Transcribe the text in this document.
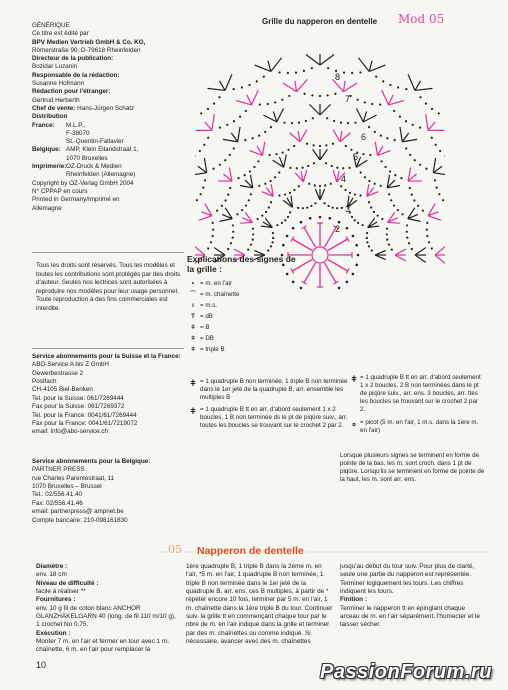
GÉNÉRIQUE
Ce titre est édité par
BPV Medien Vertrieb GmbH & Co. KG,
Römerstraße 90, D-79618 Rheinfelden
Directeur de la publication:
Bozidar Luzanin
Responsable de la rédaction:
Susanne Hofmann
Rédaction pour l'étranger:
Gertrud Herberth
Chef de vente: Hans-Jürgen Schatz
Distribution
France:	M.L.P.,
F-38070
St.-Quentin-Fallavier
Belgique: AMP, Klein Eilandstraat 1,
1070 Bruxelles
Imprimerie: OZ-Druck & Medien
Rheinfelden (Allemagne)
Copyright by OZ-Verlag GmbH 2004
N° CPPAP en cours
Printed in Germany/Imprimé en
Allemagne
Tous les droits sont réservés. Tous les modèles et toutes les contributions sont protégés par des droits d'auteur. Seules nos lectrices sont autorisées à reproduire nos modèles pour leur usage personnel. Toute reproduction à des fins commerciales est interdite.
Service abonnements pour la Suisse et la France:
ABO-Service A bis Z GmbH
Gewerbestrasse 2
Postfach
CH-4105 Biel-Benken
Tel. pour la Suisse: 061/7269444
Fax pour la Suisse: 061/7269372
Tel. pour la France: 0041/61/7269444
Fax pour la France: 0041/61/7219072
email: info@abo-service.ch
Service abonnements pour la Belgique:
PARTNER PRESS
rue Charles Parentestraat, 11
1070 Bruxelles – Brussel
Tel.: 02/556.41.40
Fax: 02/556.41.46
email: partnerpress@ ampnet.be
Compte bancaire: 210-098161830
Grille du napperon en dentelle Mod 05
8
7
6
5
4
3
2
Explications des signes de la grille :
• = m. en l'air
⌒ = m. chaînette
ı = m.s.
T = dB
ǂ = B
ǂ = DB
ǂ = triple B
ǂ = 1 quadruple B non terminée, 1 triple B non terminée dans le 1er jeté de la quadruple B, arr. ensemble les multiples B
ǂ = 1 quadruple B tt en arr. d'abord seulement 1 x 2 boucles, 1 B non terminée ds le pt de piqûre suiv., arr. toutes les boucles se trouvant sur le crochet 2 par 2.
ǂ = 1 quadruple B tt en arr. d'abord seulement 1 x 2 boucles, 2 B non terminées dans le pt de piqûre suiv., arr. ens. 3 boucles, arr. ttes les boucles se trouvant sur le crochet 2 par 2.
∘ = picot (5 m. en l'air, 1 m.s. dans la 1ère m. en l'air)
Lorsque plusieurs signes se terminent en forme de pointe de la bas, les m. sont croch. dans 1 pt de piqûre. Lorsqu'ils se terminent en forme de pointe de la haut, les m. sont arr. ens.
05 Napperon de dentelle
Diamètre :
env. 18 cm
Niveau de difficulté :
facile à réaliser **
Fournitures :
env. 10 g fil de coton blanc ANCHOR GLANZHÄKELGARN 40 (long. de fil 110 m/10 g), 1 crochet No 0,75.
Exécution :
Monter 7 m. en l'air et fermer en tour avec 1 m. chaînette, 6 m. en l'air pour remplacer la
1ère quadruple B, 1 triple B dans la 2ème m. en l'air, *5 m. en l'air, 1 quadruple B non terminée, 1 triple B non terminée dans le 1er jeté de la quadruple B, arr. ens. ces B multiples, à partir de * répéter encore 10 fois, terminer par 5 m. en l'air, 1 m. chaînette dans la 1ère triple B du tour. Continuer suiv. la grille tt en commençant chaque tour par le nbre de m. en l'air indiqué dans la grille et terminer par des m. chaînettes ou comme indiqué. Si nécessaire, avancer avec des m. chaînettes
jusqu'au début du tour suiv. Pour plus de clarté, seule une partie du napperon est représentée. Terminer logiquement les tours. Les chiffres indiquent les tours.
Finition :
Terminer le napperon tt en épinglant chaque arceau de m. en l'air séparément, l'humecter et le laisser sécher.
10	PassionForum.ru
